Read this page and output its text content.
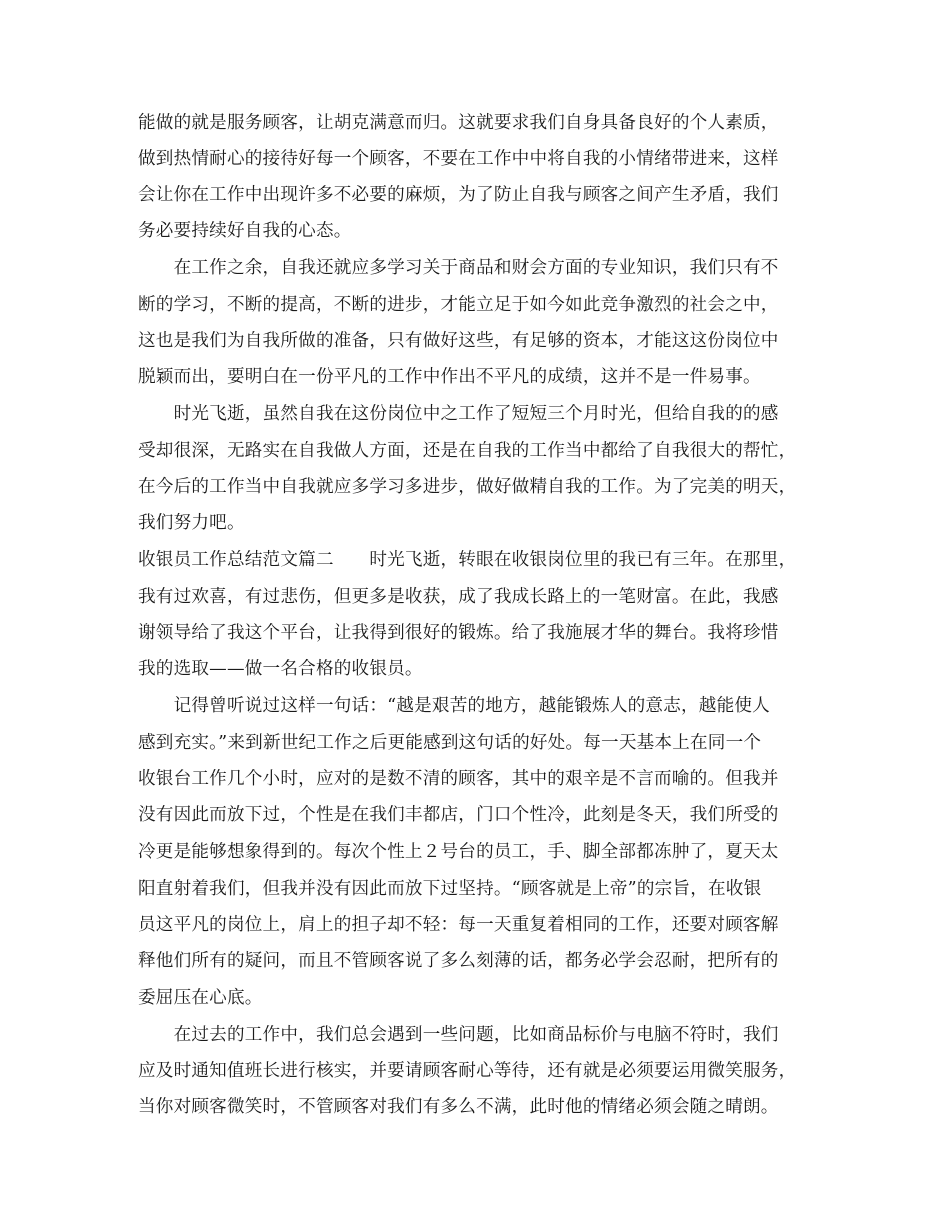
能做的就是服务顾客，让胡克满意而归。这就要求我们自身具备良好的个人素质，
做到热情耐心的接待好每一个顾客，不要在工作中中将自我的小情绪带进来，这样
会让你在工作中出现许多不必要的麻烦，为了防止自我与顾客之间产生矛盾，我们
务必要持续好自我的心态。
　　在工作之余，自我还就应多学习关于商品和财会方面的专业知识，我们只有不
断的学习，不断的提高，不断的进步，才能立足于如今如此竞争激烈的社会之中，
这也是我们为自我所做的准备，只有做好这些，有足够的资本，才能这这份岗位中
脱颖而出，要明白在一份平凡的工作中作出不平凡的成绩，这并不是一件易事。
　　时光飞逝，虽然自我在这份岗位中之工作了短短三个月时光，但给自我的的感
受却很深，无路实在自我做人方面，还是在自我的工作当中都给了自我很大的帮忙，
在今后的工作当中自我就应多学习多进步，做好做精自我的工作。为了完美的明天，
我们努力吧。
收银员工作总结范文篇二　　时光飞逝，转眼在收银岗位里的我已有三年。在那里，
我有过欢喜，有过悲伤，但更多是收获，成了我成长路上的一笔财富。在此，我感
谢领导给了我这个平台，让我得到很好的锻炼。给了我施展才华的舞台。我将珍惜
我的选取——做一名合格的收银员。
　　记得曾听说过这样一句话：“越是艰苦的地方，越能锻炼人的意志，越能使人
感到充实。”来到新世纪工作之后更能感到这句话的好处。每一天基本上在同一个
收银台工作几个小时，应对的是数不清的顾客，其中的艰辛是不言而喻的。但我并
没有因此而放下过，个性是在我们丰都店，门口个性冷，此刻是冬天，我们所受的
冷更是能够想象得到的。每次个性上２号台的员工，手、脚全部都冻肿了，夏天太
阳直射着我们，但我并没有因此而放下过坚持。“顾客就是上帝”的宗旨，在收银
员这平凡的岗位上，肩上的担子却不轻：每一天重复着相同的工作，还要对顾客解
释他们所有的疑问，而且不管顾客说了多么刻薄的话，都务必学会忍耐，把所有的
委屈压在心底。
　　在过去的工作中，我们总会遇到一些问题，比如商品标价与电脑不符时，我们
应及时通知值班长进行核实，并要请顾客耐心等待，还有就是必须要运用微笑服务，
当你对顾客微笑时，不管顾客对我们有多么不满，此时他的情绪必须会随之晴朗。
